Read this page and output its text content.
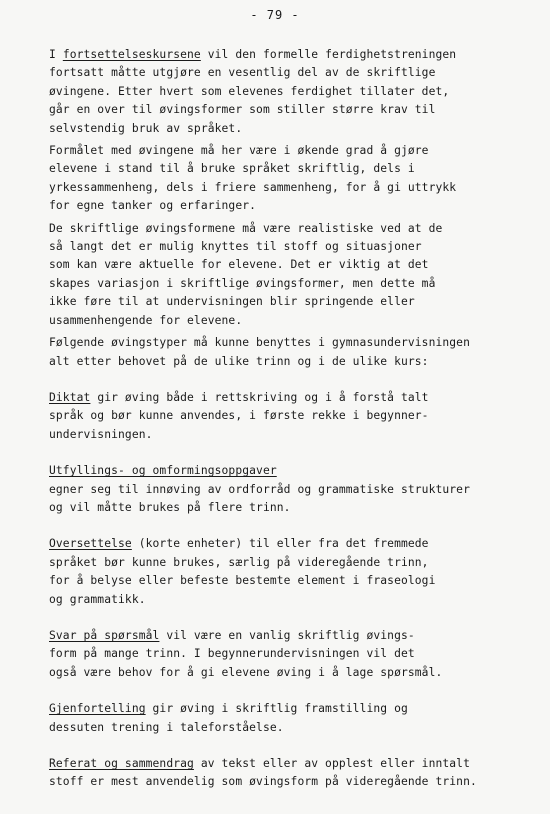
- 79 -
I fortsettelseskursene vil den formelle ferdighetstreningen
fortsatt måtte utgjøre en vesentlig del av de skriftlige
øvingene. Etter hvert som elevenes ferdighet tillater det,
går en over til øvingsformer som stiller større krav til
selvstendig bruk av språket.
Formålet med øvingene må her være i økende grad å gjøre
elevene i stand til å bruke språket skriftlig, dels i
yrkessammenheng, dels i friere sammenheng, for å gi uttrykk
for egne tanker og erfaringer.
De skriftlige øvingsformene må være realistiske ved at de
så langt det er mulig knyttes til stoff og situasjoner
som kan være aktuelle for elevene. Det er viktig at det
skapes variasjon i skriftlige øvingsformer, men dette må
ikke føre til at undervisningen blir springende eller
usammenhengende for elevene.
Følgende øvingstyper må kunne benyttes i gymnasundervisningen
alt etter behovet på de ulike trinn og i de ulike kurs:
Diktat gir øving både i rettskriving og i å forstå talt
språk og bør kunne anvendes, i første rekke i begynner-
undervisningen.
Utfyllings- og omformingsoppgaver
egner seg til innøving av ordforråd og grammatiske strukturer
og vil måtte brukes på flere trinn.
Oversettelse (korte enheter) til eller fra det fremmede
språket bør kunne brukes, særlig på videregående trinn,
for å belyse eller befeste bestemte element i fraseologi
og grammatikk.
Svar på spørsmål vil være en vanlig skriftlig øvings-
form på mange trinn. I begynnerundervisningen vil det
også være behov for å gi elevene øving i å lage spørsmål.
Gjenfortelling gir øving i skriftlig framstilling og
dessuten trening i taleforståelse.
Referat og sammendrag av tekst eller av opplest eller inntalt
stoff er mest anvendelig som øvingsform på videregående trinn.
